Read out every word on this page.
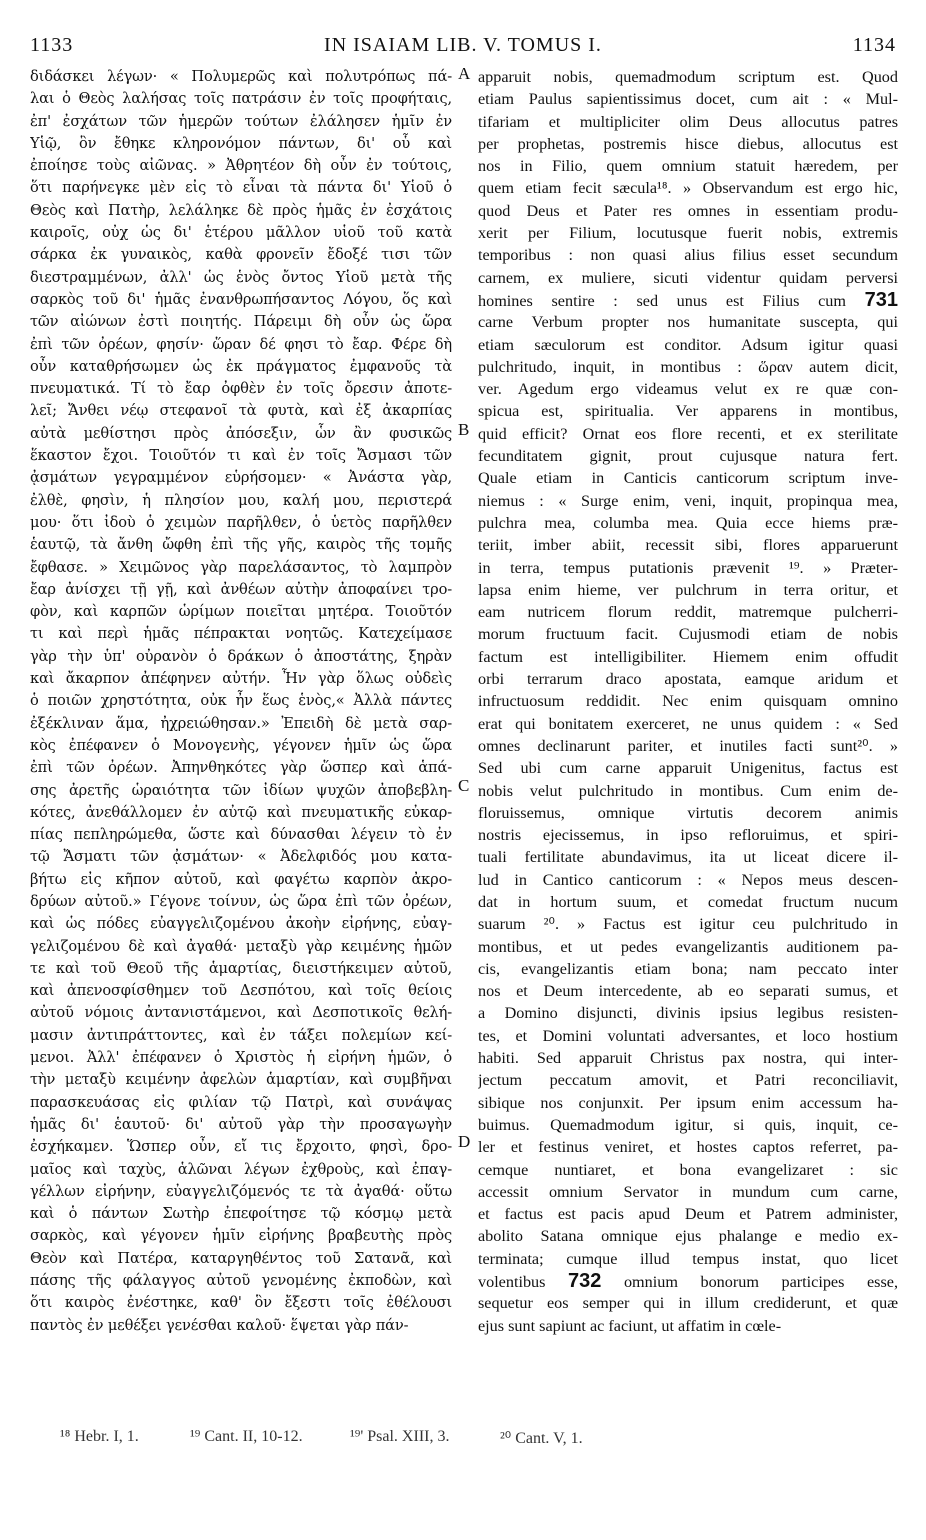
1133	IN ISAIAM LIB. V. TOMUS I.	1134
διδάσκει λέγων· « Πολυμερῶς καὶ πολυτρόπως πά-
λαι ὁ Θεὸς λαλήσας τοῖς πατράσιν ἐν τοῖς προφήταις,
ἐπ' ἐσχάτων τῶν ἡμερῶν τούτων ἐλάλησεν ἡμῖν ἐν
Υἱῷ, ὃν ἔθηκε κληρονόμον πάντων, δι' οὗ καὶ
ἐποίησε τοὺς αἰῶνας. » Ἀθρητέον δὴ οὖν ἐν τούτοις,
ὅτι παρήνεγκε μὲν εἰς τὸ εἶναι τὰ πάντα δι' Υἱοῦ ὁ
Θεὸς καὶ Πατὴρ, λελάληκε δὲ πρὸς ἡμᾶς ἐν ἐσχάτοις
καιροῖς, οὐχ ὡς δι' ἑτέρου μᾶλλον υἱοῦ τοῦ κατὰ
σάρκα ἐκ γυναικὸς, καθὰ φρονεῖν ἔδοξέ τισι τῶν
διεστραμμένων, ἀλλ' ὡς ἑνὸς ὄντος Υἱοῦ μετὰ τῆς
σαρκὸς τοῦ δι' ἡμᾶς ἐνανθρωπήσαντος Λόγου, ὅς καὶ
τῶν αἰώνων ἐστὶ ποιητής. Πάρειμι δὴ οὖν ὡς ὥρα
ἐπὶ τῶν ὀρέων, φησίν· ὥραν δέ φησι τὸ ἔαρ. Φέρε δὴ
οὖν καταθρήσωμεν ὡς ἐκ πράγματος ἐμφανοῦς τὰ
πνευματικά. Τί τὸ ἔαρ ὀφθὲν ἐν τοῖς ὄρεσιν ἀποτε-
λεῖ; Ἄνθει νέῳ στεφανοῖ τὰ φυτὰ, καὶ ἐξ ἀκαρπίας
αὐτὰ μεθίστησι πρὸς ἀπόσεξιν, ὧν ἂν φυσικῶς
ἕκαστον ἔχοι. Τοιοῦτόν τι καὶ ἐν τοῖς Ἄσμασι τῶν
ᾀσμάτων γεγραμμένον εὑρήσομεν· « Ἀνάστα γὰρ,
ἐλθὲ, φησὶν, ἡ πλησίον μου, καλή μου, περιστερά
μου· ὅτι ἰδοὺ ὁ χειμὼν παρῆλθεν, ὁ ὑετὸς παρῆλθεν
ἑαυτῷ, τὰ ἄνθη ὤφθη ἐπὶ τῆς γῆς, καιρὸς τῆς τομῆς
ἔφθασε. » Χειμῶνος γὰρ παρελάσαντος, τὸ λαμπρὸν
ἔαρ ἀνίσχει τῇ γῇ, καὶ ἀνθέων αὐτὴν ἀποφαίνει τρο-
φὸν, καὶ καρπῶν ὡρίμων ποιεῖται μητέρα. Τοιοῦτόν
τι καὶ περὶ ἡμᾶς πέπρακται νοητῶς. Κατεχείμασε
γὰρ τὴν ὑπ' οὐρανὸν ὁ δράκων ὁ ἀποστάτης, ξηρὰν
καὶ ἄκαρπον ἀπέφηνεν αὐτήν. Ἦν γὰρ ὅλως οὐδεὶς
ὁ ποιῶν χρηστότητα, οὐκ ἦν ἕως ἑνὸς,« Ἀλλὰ πάντες
ἐξέκλιναν ἅμα, ἠχρειώθησαν.» Ἐπειδὴ δὲ μετὰ σαρ-
κὸς ἐπέφανεν ὁ Μονογενὴς, γέγονεν ἡμῖν ὡς ὥρα
ἐπὶ τῶν ὀρέων. Ἀπηνθηκότες γὰρ ὥσπερ καὶ ἁπά-
σης ἀρετῆς ὡραιότητα τῶν ἰδίων ψυχῶν ἀποβεβλη-
κότες, ἀνεθάλλομεν ἐν αὐτῷ καὶ πνευματικῆς εὐκαρ-
πίας πεπληρώμεθα, ὥστε καὶ δύνασθαι λέγειν τὸ ἐν
τῷ Ἄσματι τῶν ᾀσμάτων· « Ἀδελφιδός μου κατα-
βήτω εἰς κῆπον αὐτοῦ, καὶ φαγέτω καρπὸν ἀκρο-
δρύων αὐτοῦ.» Γέγονε τοίνυν, ὡς ὥρα ἐπὶ τῶν ὀρέων,
καὶ ὡς πόδες εὐαγγελιζομένου ἀκοὴν εἰρήνης, εὐαγ-
γελιζομένου δὲ καὶ ἀγαθά· μεταξὺ γὰρ κειμένης ἡμῶν
τε καὶ τοῦ Θεοῦ τῆς ἁμαρτίας, διειστήκειμεν αὐτοῦ,
καὶ ἀπενοσφίσθημεν τοῦ Δεσπότου, καὶ τοῖς θείοις
αὐτοῦ νόμοις ἀντανιστάμενοι, καὶ Δεσποτικοῖς θελή-
μασιν ἀντιπράττοντες, καὶ ἐν τάξει πολεμίων κεί-
μενοι. Ἀλλ' ἐπέφανεν ὁ Χριστὸς ἡ εἰρήνη ἡμῶν, ὁ
τὴν μεταξὺ κειμένην ἀφελὼν ἁμαρτίαν, καὶ συμβῆναι
παρασκευάσας εἰς φιλίαν τῷ Πατρὶ, καὶ συνάψας
ἡμᾶς δι' ἑαυτοῦ· δι' αὐτοῦ γὰρ τὴν προσαγωγὴν
ἐσχήκαμεν. Ὥσπερ οὖν, εἴ τις ἔρχοιτο, φησὶ, δρο-
μαῖος καὶ ταχὺς, ἁλῶναι λέγων ἐχθροὺς, καὶ ἐπαγ-
γέλλων εἰρήνην, εὐαγγελιζόμενός τε τὰ ἀγαθά· οὕτω
καὶ ὁ πάντων Σωτὴρ ἐπεφοίτησε τῷ κόσμῳ μετὰ
σαρκὸς, καὶ γέγονεν ἡμῖν εἰρήνης βραβευτὴς πρὸς
Θεὸν καὶ Πατέρα, καταργηθέντος τοῦ Σατανᾶ, καὶ
πάσης τῆς φάλαγγος αὐτοῦ γενομένης ἐκποδὼν, καὶ
ὅτι καιρὸς ἐνέστηκε, καθ' ὃν ἔξεστι τοῖς ἐθέλουσι
παντὸς ἐν μεθέξει γενέσθαι καλοῦ· ἕψεται γὰρ πάν-
apparuit nobis, quemadmodum scriptum est. Quod
etiam Paulus sapientissimus docet, cum ait : « Mul-
tifariam et multipliciter olim Deus allocutus patres
per prophetas, postremis hisce diebus, allocutus est
nos in Filio, quem omnium statuit hæredem, per
quem etiam fecit sæcula¹⁸. » Observandum est ergo hic,
quod Deus et Pater res omnes in essentiam produ-
xerit per Filium, locutusque fuerit nobis, extremis
temporibus : non quasi alius filius esset secundum
carnem, ex muliere, sicuti videntur quidam perversi
homines sentire : sed unus est Filius cum 731
carne Verbum propter nos humanitate suscepta, qui
etiam sæculorum est conditor. Adsum igitur quasi
pulchritudo, inquit, in montibus : ὥραν autem dicit,
ver. Agedum ergo videamus velut ex re quæ con-
spicua est, spiritualia. Ver apparens in montibus,
quid efficit? Ornat eos flore recenti, et ex sterilitate
fecunditatem gignit, prout cujusque natura fert.
Quale etiam in Canticis canticorum scriptum inve-
niemus : « Surge enim, veni, inquit, propinqua mea,
pulchra mea, columba mea. Quia ecce hiems præ-
teriit, imber abiit, recessit sibi, flores apparuerunt
in terra, tempus putationis prævenit ¹⁹. » Præter-
lapsa enim hieme, ver pulchrum in terra oritur, et
eam nutricem florum reddit, matremque pulcherri-
morum fructuum facit. Cujusmodi etiam de nobis
factum est intelligibiliter. Hiemem enim offudit
orbi terrarum draco apostata, eamque aridum et
infructuosum reddidit. Nec enim quisquam omnino
erat qui bonitatem exerceret, ne unus quidem : « Sed
omnes declinarunt pariter, et inutiles facti sunt²⁰. »
Sed ubi cum carne apparuit Unigenitus, factus est
nobis velut pulchritudo in montibus. Cum enim de-
floruissemus, omnique virtutis decorem animis
nostris ejecissemus, in ipso refloruimus, et spiri-
tuali fertilitate abundavimus, ita ut liceat dicere il-
lud in Cantico canticorum : « Nepos meus descen-
dat in hortum suum, et comedat fructum nucum
suarum ²⁰. » Factus est igitur ceu pulchritudo in
montibus, et ut pedes evangelizantis auditionem pa-
cis, evangelizantis etiam bona; nam peccato inter
nos et Deum intercedente, ab eo separati sumus, et
a Domino disjuncti, divinis ipsius legibus resisten-
tes, et Domini voluntati adversantes, et loco hostium
habiti. Sed apparuit Christus pax nostra, qui inter-
jectum peccatum amovit, et Patri reconciliavit,
sibique nos conjunxit. Per ipsum enim accessum ha-
buimus. Quemadmodum igitur, si quis, inquit, ce-
ler et festinus veniret, et hostes captos referret, pa-
cemque nuntiaret, et bona evangelizaret : sic
accessit omnium Servator in mundum cum carne,
et factus est pacis apud Deum et Patrem administer,
abolito Satana omnique ejus phalange e medio ex-
terminata; cumque illud tempus instat, quo licet
volentibus 732 omnium bonorum participes esse,
sequetur eos semper qui in illum crediderunt, et quæ
ejus sunt sapiunt ac faciunt, ut affatim in cœle-
A
B
C
D
¹⁸ Hebr. I, 1.	¹⁹ Cant. II, 10-12.	¹⁹' Psal. XIII, 3.	²⁰ Cant. V, 1.
